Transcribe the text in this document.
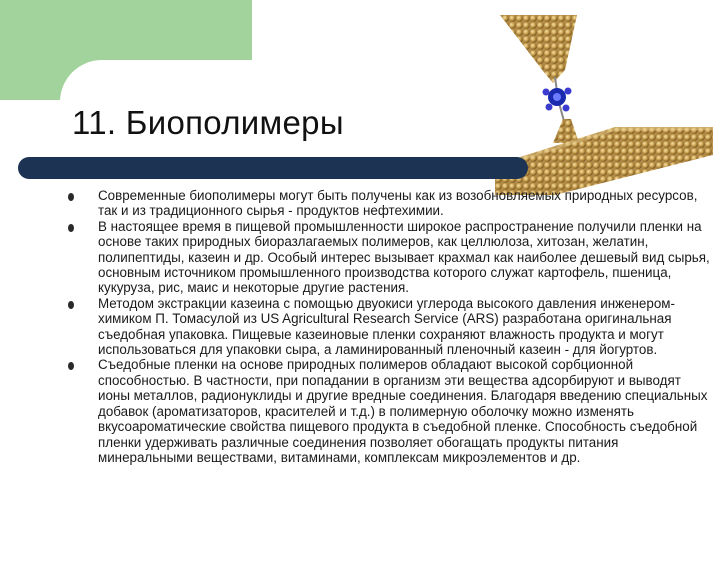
11. Биополимеры
Современные биополимеры могут быть получены как из возобновляемых природных ресурсов, так и из традиционного сырья - продуктов нефтехимии.
В настоящее время в пищевой промышленности широкое распространение получили пленки на основе таких природных биоразлагаемых полимеров, как целлюлоза, хитозан, желатин, полипептиды, казеин и др. Особый интерес вызывает крахмал как наиболее дешевый вид сырья, основным источником промышленного производства которого служат картофель, пшеница, кукуруза, рис, маис и некоторые другие растения.
Методом экстракции казеина с помощью двуокиси углерода высокого давления инженером-химиком П. Томасулой из US Agricultural Research Service (ARS) разработана оригинальная съедобная упаковка. Пищевые казеиновые пленки сохраняют влажность продукта и могут использоваться для упаковки сыра, а ламинированный пленочный казеин - для йогуртов.
Съедобные пленки на основе природных полимеров обладают высокой сорбционной способностью. В частности, при попадании в организм эти вещества адсорбируют и выводят ионы металлов, радионуклиды и другие вредные соединения. Благодаря введению специальных добавок (ароматизаторов, красителей и т.д.) в полимерную оболочку можно изменять вкусоароматические свойства пищевого продукта в съедобной пленке. Способность съедобной пленки удерживать различные соединения позволяет обогащать продукты питания минеральными веществами, витаминами, комплексам микроэлементов и др.
